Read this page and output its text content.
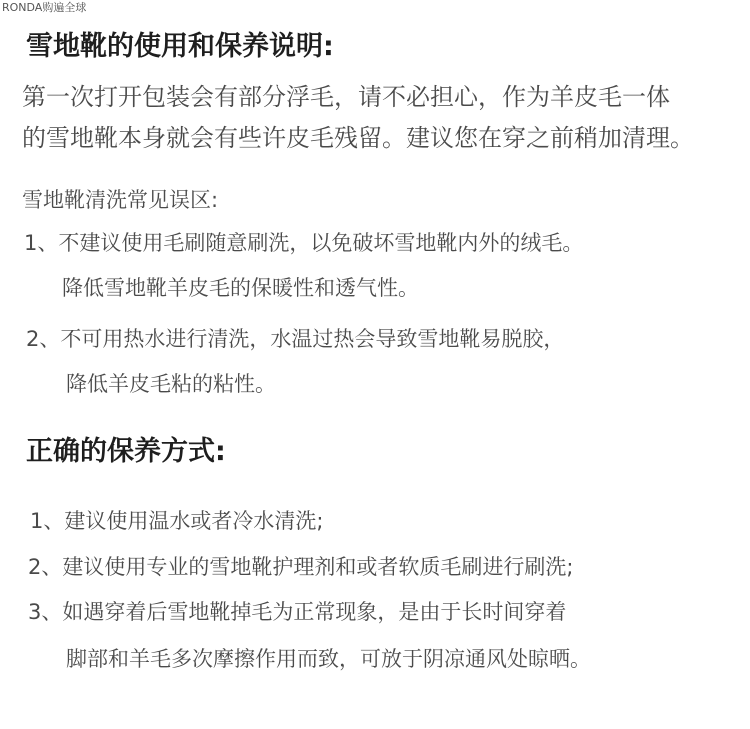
RONDA购遍全球
雪地靴的使用和保养说明:
第一次打开包装会有部分浮毛，请不必担心，作为羊皮毛一体
的雪地靴本身就会有些许皮毛残留。建议您在穿之前稍加清理。
雪地靴清洗常见误区:
1、不建议使用毛刷随意刷洗，以免破坏雪地靴内外的绒毛。
降低雪地靴羊皮毛的保暖性和透气性。
2、不可用热水进行清洗，水温过热会导致雪地靴易脱胶，
降低羊皮毛粘的粘性。
正确的保养方式:
1、建议使用温水或者冷水清洗;
2、建议使用专业的雪地靴护理剂和或者软质毛刷进行刷洗;
3、如遇穿着后雪地靴掉毛为正常现象，是由于长时间穿着
脚部和羊毛多次摩擦作用而致，可放于阴凉通风处晾晒。
